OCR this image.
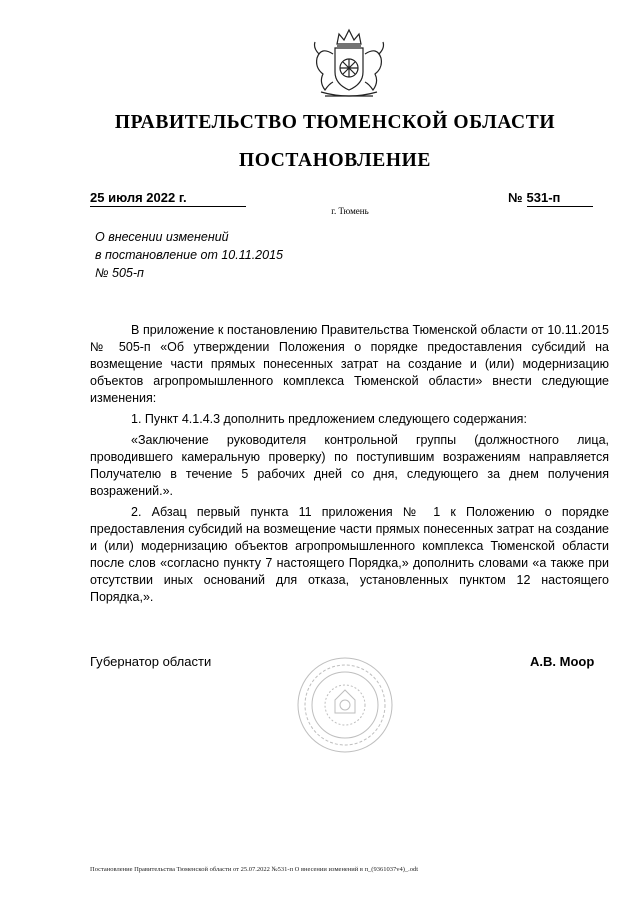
ПРАВИТЕЛЬСТВО ТЮМЕНСКОЙ ОБЛАСТИ
ПОСТАНОВЛЕНИЕ
25 июля 2022 г.	№ 531-п
г. Тюмень
О внесении изменений
в постановление от 10.11.2015
№ 505-п

В приложение к постановлению Правительства Тюменской области от 10.11.2015 № 505-п «Об утверждении Положения о порядке предоставления субсидий на возмещение части прямых понесенных затрат на создание и (или) модернизацию объектов агропромышленного комплекса Тюменской области» внести следующие изменения:

1. Пункт 4.1.4.3 дополнить предложением следующего содержания:

«Заключение руководителя контрольной группы (должностного лица, проводившего камеральную проверку) по поступившим возражениям направляется Получателю в течение 5 рабочих дней со дня, следующего за днем получения возражений.».

2. Абзац первый пункта 11 приложения № 1 к Положению о порядке предоставления субсидий на возмещение части прямых понесенных затрат на создание и (или) модернизацию объектов агропромышленного комплекса Тюменской области после слов «согласно пункту 7 настоящего Порядка,» дополнить словами «а также при отсутствии иных оснований для отказа, установленных пунктом 12 настоящего Порядка,».

Губернатор области	А.В. Моор
Постановление Правительства Тюменской области от 25.07.2022 №531-п О внесении изменений в п_(9361037v4)_.odt
